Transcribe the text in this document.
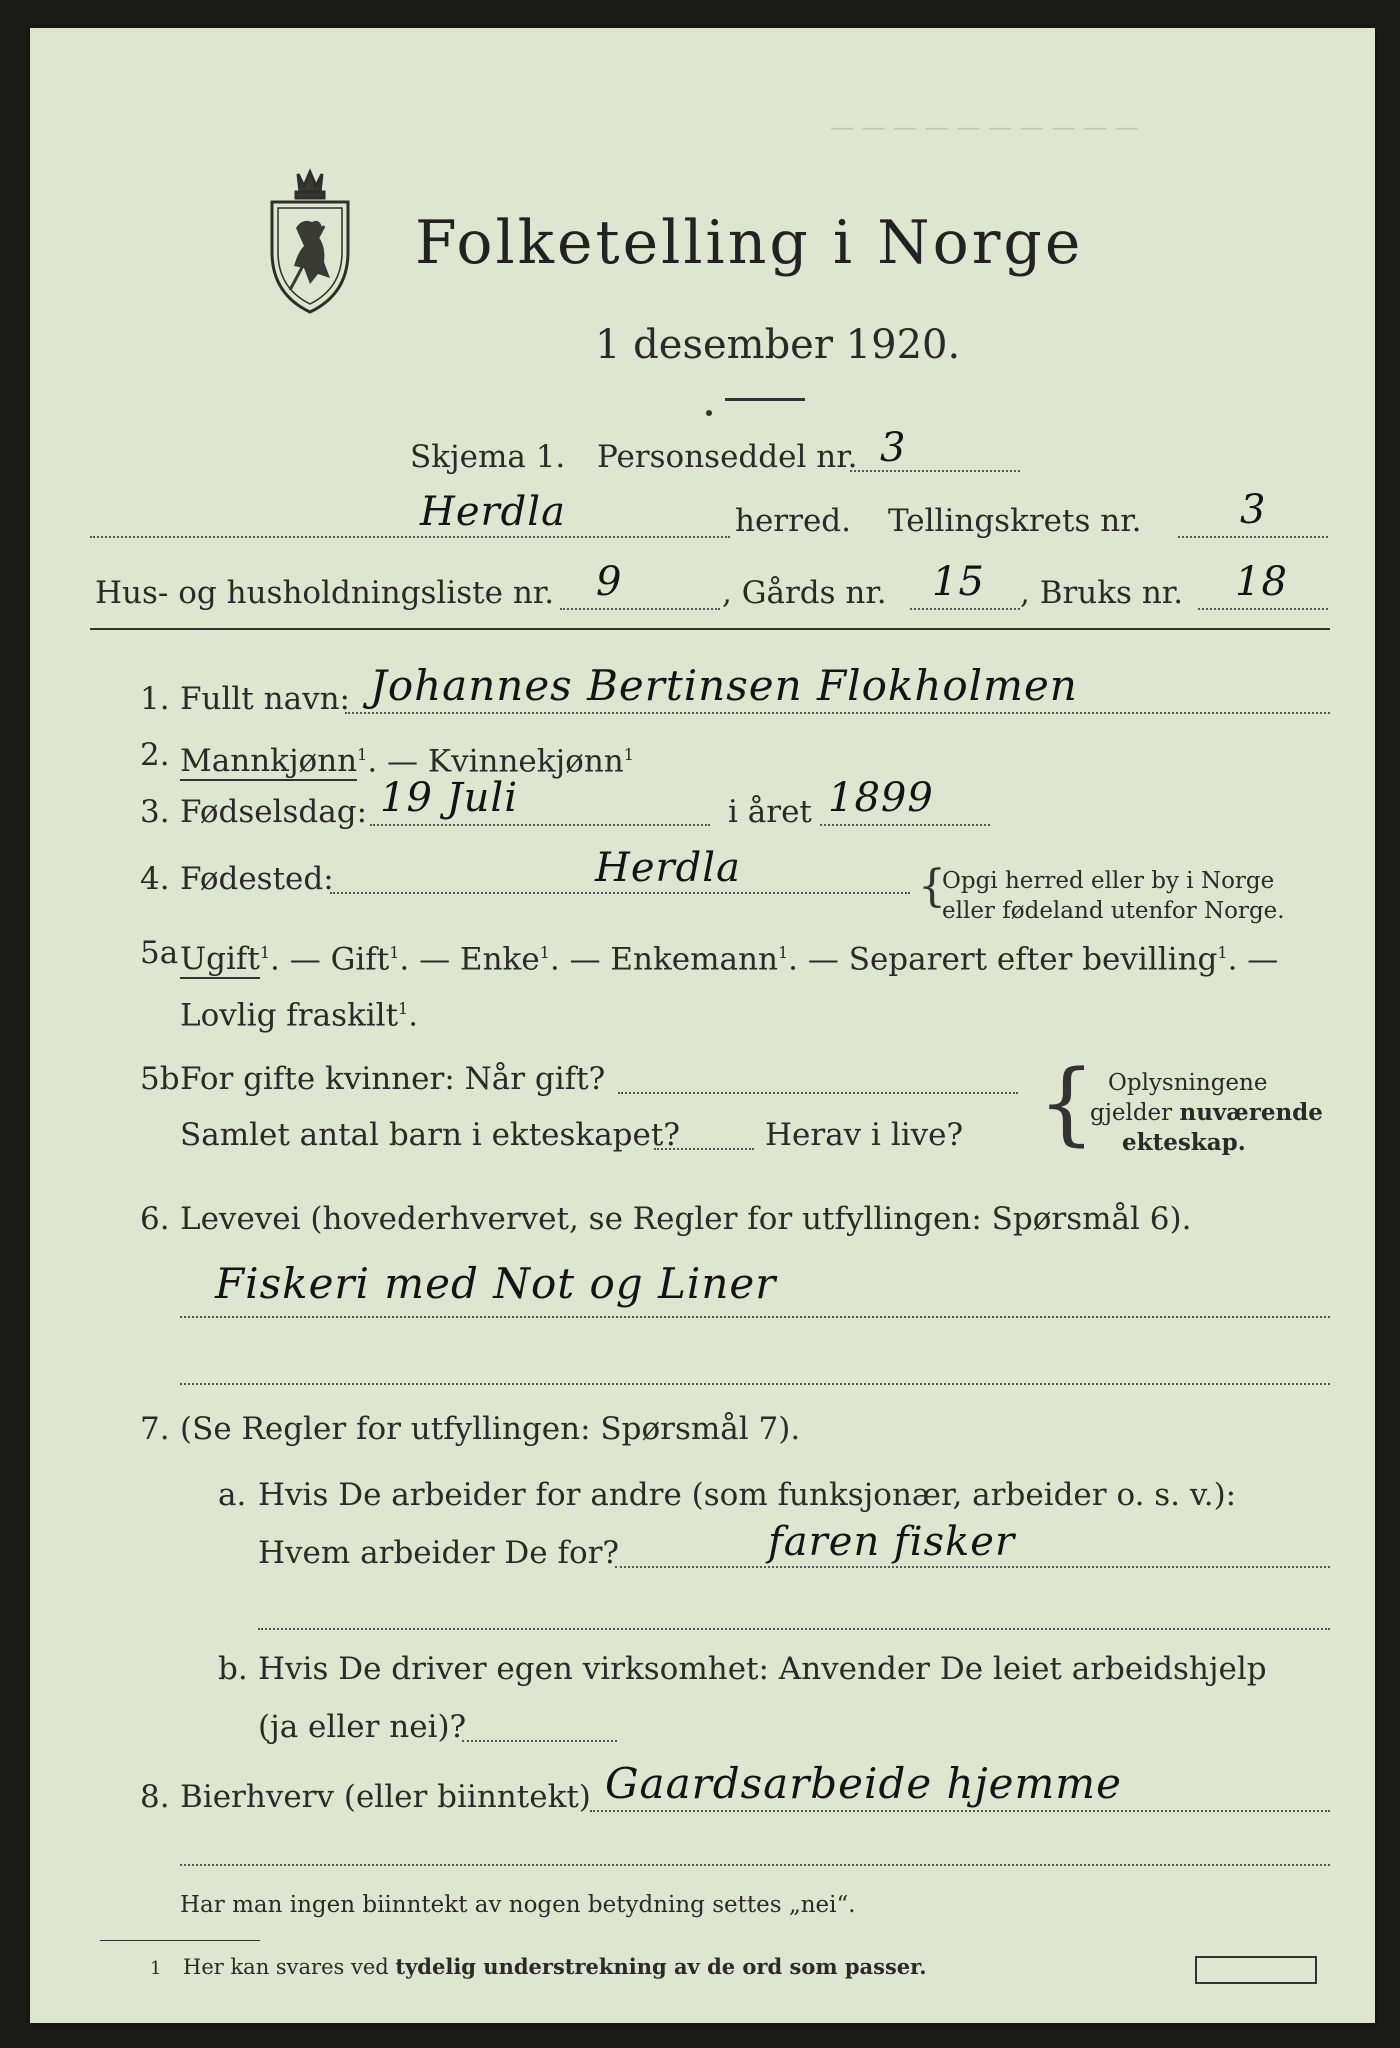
— — — — — — — — — —
Folketelling i Norge
1 desember 1920.
Skjema 1. Personseddel nr. 3
Herdla	herred. Tellingskrets nr. 3
Hus- og husholdningsliste nr. 9	, Gårds nr. 15 , Bruks nr. 18
1. Fullt navn: Johannes Bertinsen Flokholmen
2. Mannkjønn$^1$. — Kvinnekjønn$^1$
3. Fødselsdag: 19 Juli	i året 1899
4. Fødested:	Herdla	{
Opgi herred eller by i Norge
eller fødeland utenfor Norge.
5a Ugift$^1$. — Gift$^1$. — Enke$^1$. — Enkemann$^1$. — Separert efter bevilling$^1$. —
Lovlig fraskilt$^1$.
5b For gifte kvinner: Når gift?
Samlet antal barn i ekteskapet?	Herav i live? { Oplysningene
gjelder nuværende
ekteskap.
6. Levevei (hovederhvervet, se Regler for utfyllingen: Spørsmål 6).
Fiskeri med Not og Liner
7. (Se Regler for utfyllingen: Spørsmål 7).
a. Hvis De arbeider for andre (som funksjonær, arbeider o. s. v.):
Hvem arbeider De for?	faren fisker
b. Hvis De driver egen virksomhet: Anvender De leiet arbeidshjelp
(ja eller nei)?
8. Bierhverv (eller biinntekt) Gaardsarbeide hjemme
Har man ingen biinntekt av nogen betydning settes „nei“.
1 Her kan svares ved tydelig understrekning av de ord som passer.
